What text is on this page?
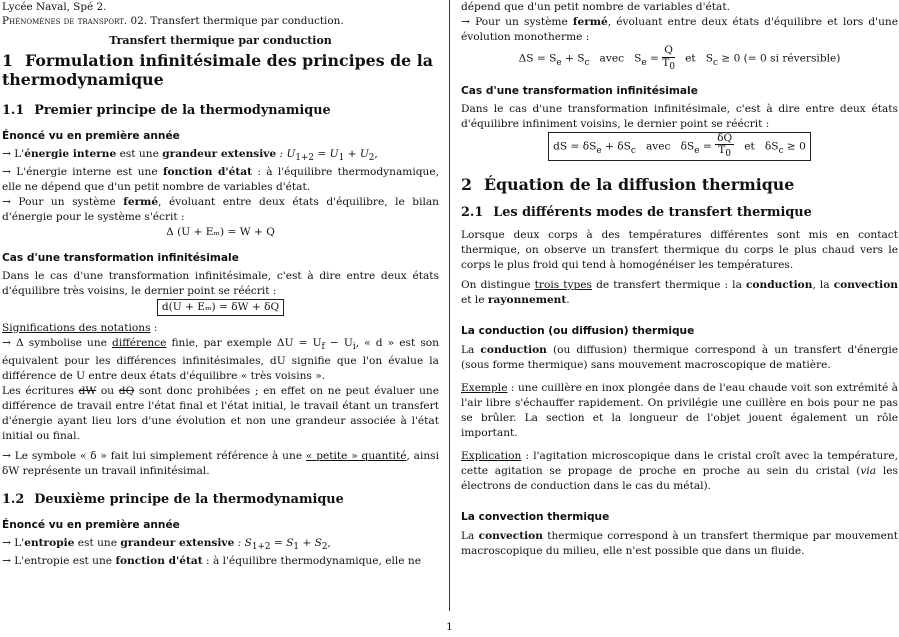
Lycée Naval, Spé 2.
Phénomènes de transport. 02. Transfert thermique par conduction.
Transfert thermique par conduction
1 Formulation infinitésimale des principes de la thermodynamique
1.1 Premier principe de la thermodynamique
Énoncé vu en première année

→ L'énergie interne est une grandeur extensive : $U_{1+2} = U_1 + U_2$,

→ L'énergie interne est une fonction d'état : à l'équilibre thermodynamique, elle ne dépend que d'un petit nombre de variables d'état.

→ Pour un système fermé, évoluant entre deux états d'équilibre, le bilan d'énergie pour le système s'écrit :

Δ (U + Eₘ) = W + Q
Cas d'une transformation infinitésimale

Dans le cas d'une transformation infinitésimale, c'est à dire entre deux états d'équilibre très voisins, le dernier point se réécrit :

d(U + Eₘ) = δW + δQ

Significations des notations :

→ Δ symbolise une différence finie, par exemple $\Delta U = U_f - U_i$, « d » est son équivalent pour les différences infinitésimales, dU signifie que l'on évalue la différence de U entre deux états d'équilibre « très voisins ».

Les écritures dW ou dQ sont donc prohibées ; en effet on ne peut évaluer une différence de travail entre l'état final et l'état initial, le travail étant un transfert d'énergie ayant lieu lors d'une évolution et non une grandeur associée à l'état initial ou final.

→ Le symbole « δ » fait lui simplement référence à une « petite » quantité, ainsi δW représente un travail infinitésimal.

1.2 Deuxième principe de la thermodynamique
Énoncé vu en première année

→ L'entropie est une grandeur extensive : $S_{1+2} = S_1 + S_2$,

→ L'entropie est une fonction d'état : à l'équilibre thermodynamique, elle ne

dépend que d'un petit nombre de variables d'état.

→ Pour un système fermé, évoluant entre deux états d'équilibre et lors d'une évolution monotherme :

$\Delta S = S_e + S_c$ avec $S_e = \frac{Q}{T_0}$ et $S_c \ge 0$ (= 0 si réversible)
Cas d'une transformation infinitésimale

Dans le cas d'une transformation infinitésimale, c'est à dire entre deux états d'équilibre infiniment voisins, le dernier point se réécrit :

dS = $\delta S_e + \delta S_c$ avec $\delta S_e = \frac{\delta Q}{T_0}$ et $\delta S_c \ge 0$
2 Équation de la diffusion thermique
2.1 Les différents modes de transfert thermique

Lorsque deux corps à des températures différentes sont mis en contact thermique, on observe un transfert thermique du corps le plus chaud vers le corps le plus froid qui tend à homogénéiser les températures.

On distingue trois types de transfert thermique : la conduction, la convection et le rayonnement.

La conduction (ou diffusion) thermique

La conduction (ou diffusion) thermique correspond à un transfert d'énergie (sous forme thermique) sans mouvement macroscopique de matière.

Exemple : une cuillère en inox plongée dans de l'eau chaude voit son extrémité à l'air libre s'échauffer rapidement. On privilégie une cuillère en bois pour ne pas se brûler. La section et la longueur de l'objet jouent également un rôle important.

Explication : l'agitation microscopique dans le cristal croît avec la température, cette agitation se propage de proche en proche au sein du cristal (via les électrons de conduction dans le cas du métal).

La convection thermique

La convection thermique correspond à un transfert thermique par mouvement macroscopique du milieu, elle n'est possible que dans un fluide.

1
